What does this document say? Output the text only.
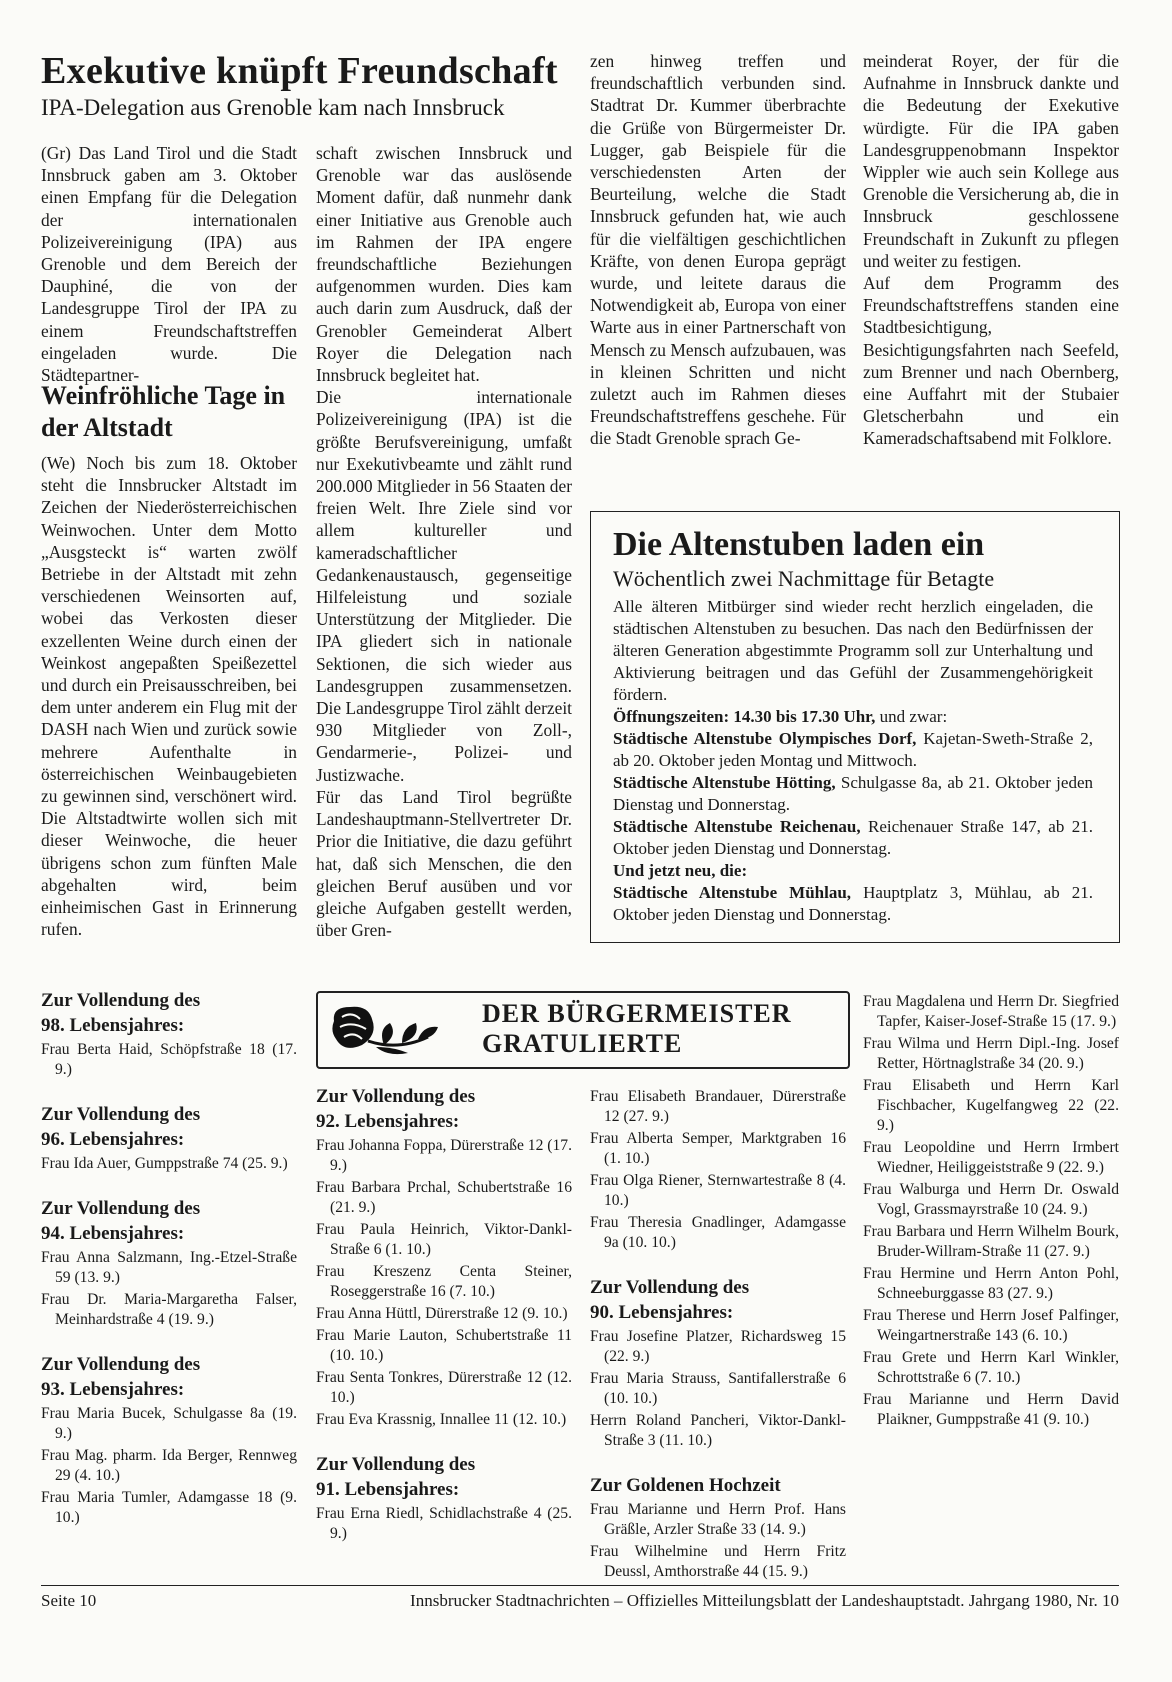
Exekutive knüpft Freundschaft
IPA-Delegation aus Grenoble kam nach Innsbruck

(Gr) Das Land Tirol und die Stadt Innsbruck gaben am 3. Oktober einen Empfang für die Delegation der internationalen Polizeivereinigung (IPA) aus Grenoble und dem Bereich der Dauphiné, die von der Landesgruppe Tirol der IPA zu einem Freundschaftstreffen eingeladen wurde. Die Städtepartner-

Weinfröhliche Tage in der Altstadt

(We) Noch bis zum 18. Oktober steht die Innsbrucker Altstadt im Zeichen der Niederösterreichischen Weinwochen. Unter dem Motto „Ausgsteckt is“ warten zwölf Betriebe in der Altstadt mit zehn verschiedenen Weinsorten auf, wobei das Verkosten dieser exzellenten Weine durch einen der Weinkost angepaßten Speißezettel und durch ein Preisausschreiben, bei dem unter anderem ein Flug mit der DASH nach Wien und zurück sowie mehrere Aufenthalte in österreichischen Weinbaugebieten zu gewinnen sind, verschönert wird. Die Altstadtwirte wollen sich mit dieser Weinwoche, die heuer übrigens schon zum fünften Male abgehalten wird, beim einheimischen Gast in Erinnerung rufen.

schaft zwischen Innsbruck und Grenoble war das auslösende Moment dafür, daß nunmehr dank einer Initiative aus Grenoble auch im Rahmen der IPA engere freundschaftliche Beziehungen aufgenommen wurden. Dies kam auch darin zum Ausdruck, daß der Grenobler Gemeinderat Albert Royer die Delegation nach Innsbruck begleitet hat.

Die internationale Polizeivereinigung (IPA) ist die größte Berufsvereinigung, umfaßt nur Exekutivbeamte und zählt rund 200.000 Mitglieder in 56 Staaten der freien Welt. Ihre Ziele sind vor allem kultureller und kameradschaftlicher Gedankenaustausch, gegenseitige Hilfeleistung und soziale Unterstützung der Mitglieder. Die IPA gliedert sich in nationale Sektionen, die sich wieder aus Landesgruppen zusammensetzen. Die Landesgruppe Tirol zählt derzeit 930 Mitglieder von Zoll-, Gendarmerie-, Polizei- und Justizwache.

Für das Land Tirol begrüßte Landeshauptmann-Stellvertreter Dr. Prior die Initiative, die dazu geführt hat, daß sich Menschen, die den gleichen Beruf ausüben und vor gleiche Aufgaben gestellt werden, über Gren-

zen hinweg treffen und freundschaftlich verbunden sind. Stadtrat Dr. Kummer überbrachte die Grüße von Bürgermeister Dr. Lugger, gab Beispiele für die verschiedensten Arten der Beurteilung, welche die Stadt Innsbruck gefunden hat, wie auch für die vielfältigen geschichtlichen Kräfte, von denen Europa geprägt wurde, und leitete daraus die Notwendigkeit ab, Europa von einer Warte aus in einer Partnerschaft von Mensch zu Mensch aufzubauen, was in kleinen Schritten und nicht zuletzt auch im Rahmen dieses Freundschaftstreffens geschehe. Für die Stadt Grenoble sprach Ge-

meinderat Royer, der für die Aufnahme in Innsbruck dankte und die Bedeutung der Exekutive würdigte. Für die IPA gaben Landesgruppenobmann Inspektor Wippler wie auch sein Kollege aus Grenoble die Versicherung ab, die in Innsbruck geschlossene Freundschaft in Zukunft zu pflegen und weiter zu festigen.

Auf dem Programm des Freundschaftstreffens standen eine Stadtbesichtigung, Besichtigungsfahrten nach Seefeld, zum Brenner und nach Obernberg, eine Auffahrt mit der Stubaier Gletscherbahn und ein Kameradschaftsabend mit Folklore.

Die Altenstuben laden ein
Wöchentlich zwei Nachmittage für Betagte

Alle älteren Mitbürger sind wieder recht herzlich eingeladen, die städtischen Altenstuben zu besuchen. Das nach den Bedürfnissen der älteren Generation abgestimmte Programm soll zur Unterhaltung und Aktivierung beitragen und das Gefühl der Zusammengehörigkeit fördern.

Öffnungszeiten: 14.30 bis 17.30 Uhr, und zwar:

Städtische Altenstube Olympisches Dorf, Kajetan-Sweth-Straße 2, ab 20. Oktober jeden Montag und Mittwoch.

Städtische Altenstube Hötting, Schulgasse 8a, ab 21. Oktober jeden Dienstag und Donnerstag.

Städtische Altenstube Reichenau, Reichenauer Straße 147, ab 21. Oktober jeden Dienstag und Donnerstag.

Und jetzt neu, die:

Städtische Altenstube Mühlau, Hauptplatz 3, Mühlau, ab 21. Oktober jeden Dienstag und Donnerstag.

DER BÜRGERMEISTER
GRATULIERTE
Zur Vollendung des
98. Lebensjahres:

Frau Berta Haid, Schöpfstraße 18 (17. 9.)

Zur Vollendung des
96. Lebensjahres:

Frau Ida Auer, Gumppstraße 74 (25. 9.)

Zur Vollendung des
94. Lebensjahres:

Frau Anna Salzmann, Ing.-Etzel-Straße 59 (13. 9.)

Frau Dr. Maria-Margaretha Falser, Meinhardstraße 4 (19. 9.)

Zur Vollendung des
93. Lebensjahres:

Frau Maria Bucek, Schulgasse 8a (19. 9.)

Frau Mag. pharm. Ida Berger, Rennweg 29 (4. 10.)

Frau Maria Tumler, Adamgasse 18 (9. 10.)

Zur Vollendung des
92. Lebensjahres:

Frau Johanna Foppa, Dürerstraße 12 (17. 9.)

Frau Barbara Prchal, Schubertstraße 16 (21. 9.)

Frau Paula Heinrich, Viktor-Dankl-Straße 6 (1. 10.)

Frau Kreszenz Centa Steiner, Roseggerstraße 16 (7. 10.)

Frau Anna Hüttl, Dürerstraße 12 (9. 10.)

Frau Marie Lauton, Schubertstraße 11 (10. 10.)

Frau Senta Tonkres, Dürerstraße 12 (12. 10.)

Frau Eva Krassnig, Innallee 11 (12. 10.)

Zur Vollendung des
91. Lebensjahres:

Frau Erna Riedl, Schidlachstraße 4 (25. 9.)

Frau Elisabeth Brandauer, Dürerstraße 12 (27. 9.)

Frau Alberta Semper, Marktgraben 16 (1. 10.)

Frau Olga Riener, Sternwartestraße 8 (4. 10.)

Frau Theresia Gnadlinger, Adamgasse 9a (10. 10.)

Zur Vollendung des
90. Lebensjahres:

Frau Josefine Platzer, Richardsweg 15 (22. 9.)

Frau Maria Strauss, Santifallerstraße 6 (10. 10.)

Herrn Roland Pancheri, Viktor-Dankl-Straße 3 (11. 10.)

Zur Goldenen Hochzeit

Frau Marianne und Herrn Prof. Hans Gräßle, Arzler Straße 33 (14. 9.)

Frau Wilhelmine und Herrn Fritz Deussl, Amthorstraße 44 (15. 9.)

Frau Magdalena und Herrn Dr. Siegfried Tapfer, Kaiser-Josef-Straße 15 (17. 9.)

Frau Wilma und Herrn Dipl.-Ing. Josef Retter, Hörtnaglstraße 34 (20. 9.)

Frau Elisabeth und Herrn Karl Fischbacher, Kugelfangweg 22 (22. 9.)

Frau Leopoldine und Herrn Irmbert Wiedner, Heiliggeiststraße 9 (22. 9.)

Frau Walburga und Herrn Dr. Oswald Vogl, Grassmayrstraße 10 (24. 9.)

Frau Barbara und Herrn Wilhelm Bourk, Bruder-Willram-Straße 11 (27. 9.)

Frau Hermine und Herrn Anton Pohl, Schneeburggasse 83 (27. 9.)

Frau Therese und Herrn Josef Palfinger, Weingartnerstraße 143 (6. 10.)

Frau Grete und Herrn Karl Winkler, Schrottstraße 6 (7. 10.)

Frau Marianne und Herrn David Plaikner, Gumppstraße 41 (9. 10.)

Seite 10	Innsbrucker Stadtnachrichten – Offizielles Mitteilungsblatt der Landeshauptstadt. Jahrgang 1980, Nr. 10
